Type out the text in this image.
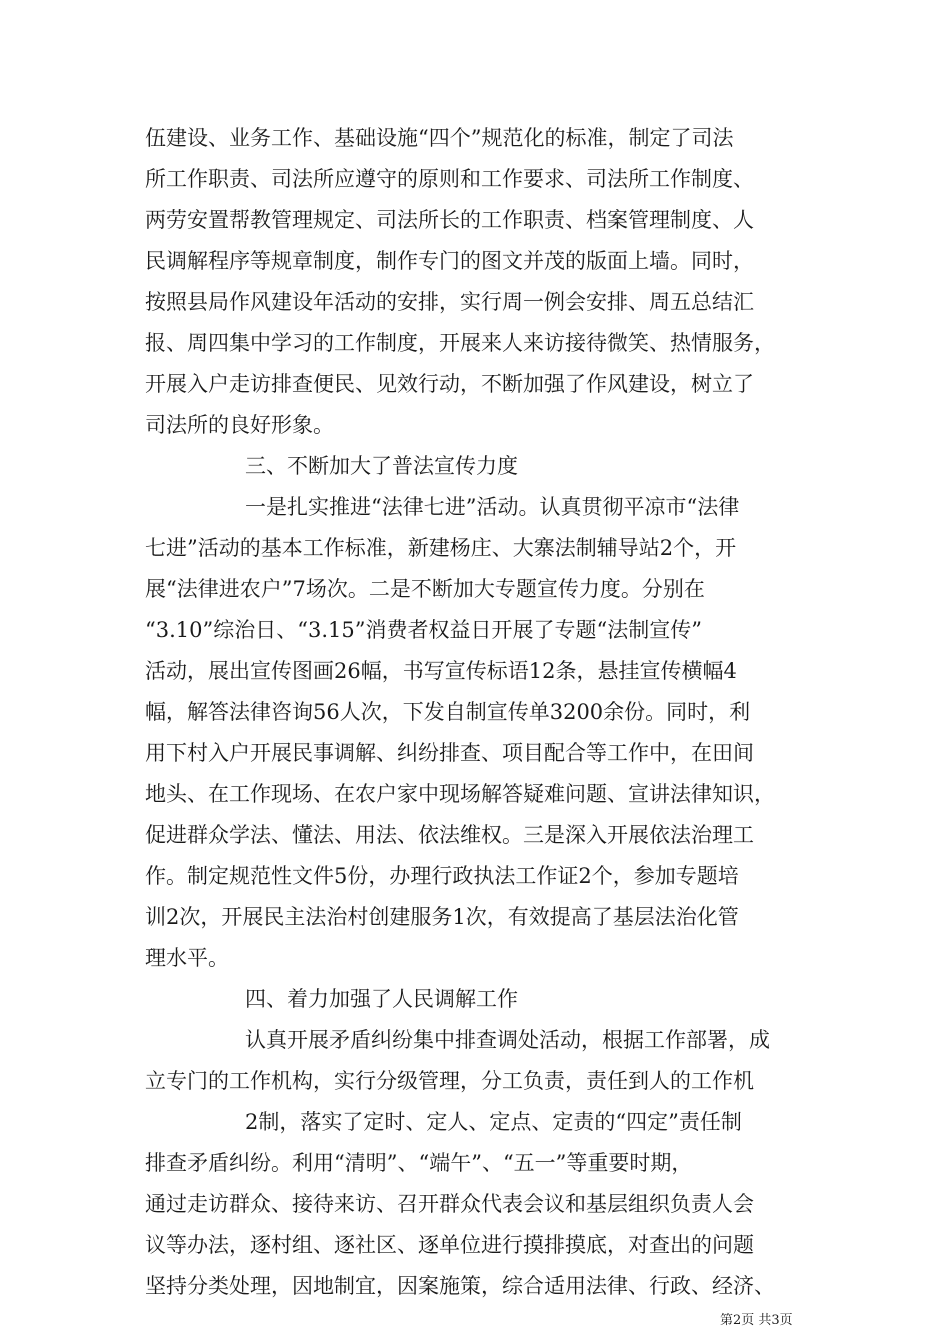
伍建设、业务工作、基础设施“四个”规范化的标准，制定了司法
所工作职责、司法所应遵守的原则和工作要求、司法所工作制度、
两劳安置帮教管理规定、司法所长的工作职责、档案管理制度、人
民调解程序等规章制度，制作专门的图文并茂的版面上墙。同时，
按照县局作风建设年活动的安排，实行周一例会安排、周五总结汇
报、周四集中学习的工作制度，开展来人来访接待微笑、热情服务，
开展入户走访排查便民、见效行动，不断加强了作风建设，树立了
司法所的良好形象。
三、不断加大了普法宣传力度
一是扎实推进“法律七进”活动。认真贯彻平凉市“法律
七进”活动的基本工作标准，新建杨庄、大寨法制辅导站2个，开
展“法律进农户”7场次。二是不断加大专题宣传力度。分别在
“3.10”综治日、“3.15”消费者权益日开展了专题“法制宣传”
活动，展出宣传图画26幅，书写宣传标语12条，悬挂宣传横幅4
幅，解答法律咨询56人次，下发自制宣传单3200余份。同时，利
用下村入户开展民事调解、纠纷排查、项目配合等工作中，在田间
地头、在工作现场、在农户家中现场解答疑难问题、宣讲法律知识，
促进群众学法、懂法、用法、依法维权。三是深入开展依法治理工
作。制定规范性文件5份，办理行政执法工作证2个，参加专题培
训2次，开展民主法治村创建服务1次，有效提高了基层法治化管
理水平。
四、着力加强了人民调解工作
认真开展矛盾纠纷集中排查调处活动，根据工作部署，成
立专门的工作机构，实行分级管理，分工负责，责任到人的工作机
2制，落实了定时、定人、定点、定责的“四定”责任制
排查矛盾纠纷。利用“清明”、“端午”、“五一”等重要时期，
通过走访群众、接待来访、召开群众代表会议和基层组织负责人会
议等办法，逐村组、逐社区、逐单位进行摸排摸底，对查出的问题
坚持分类处理，因地制宜，因案施策，综合适用法律、行政、经济、
第2页 共3页
